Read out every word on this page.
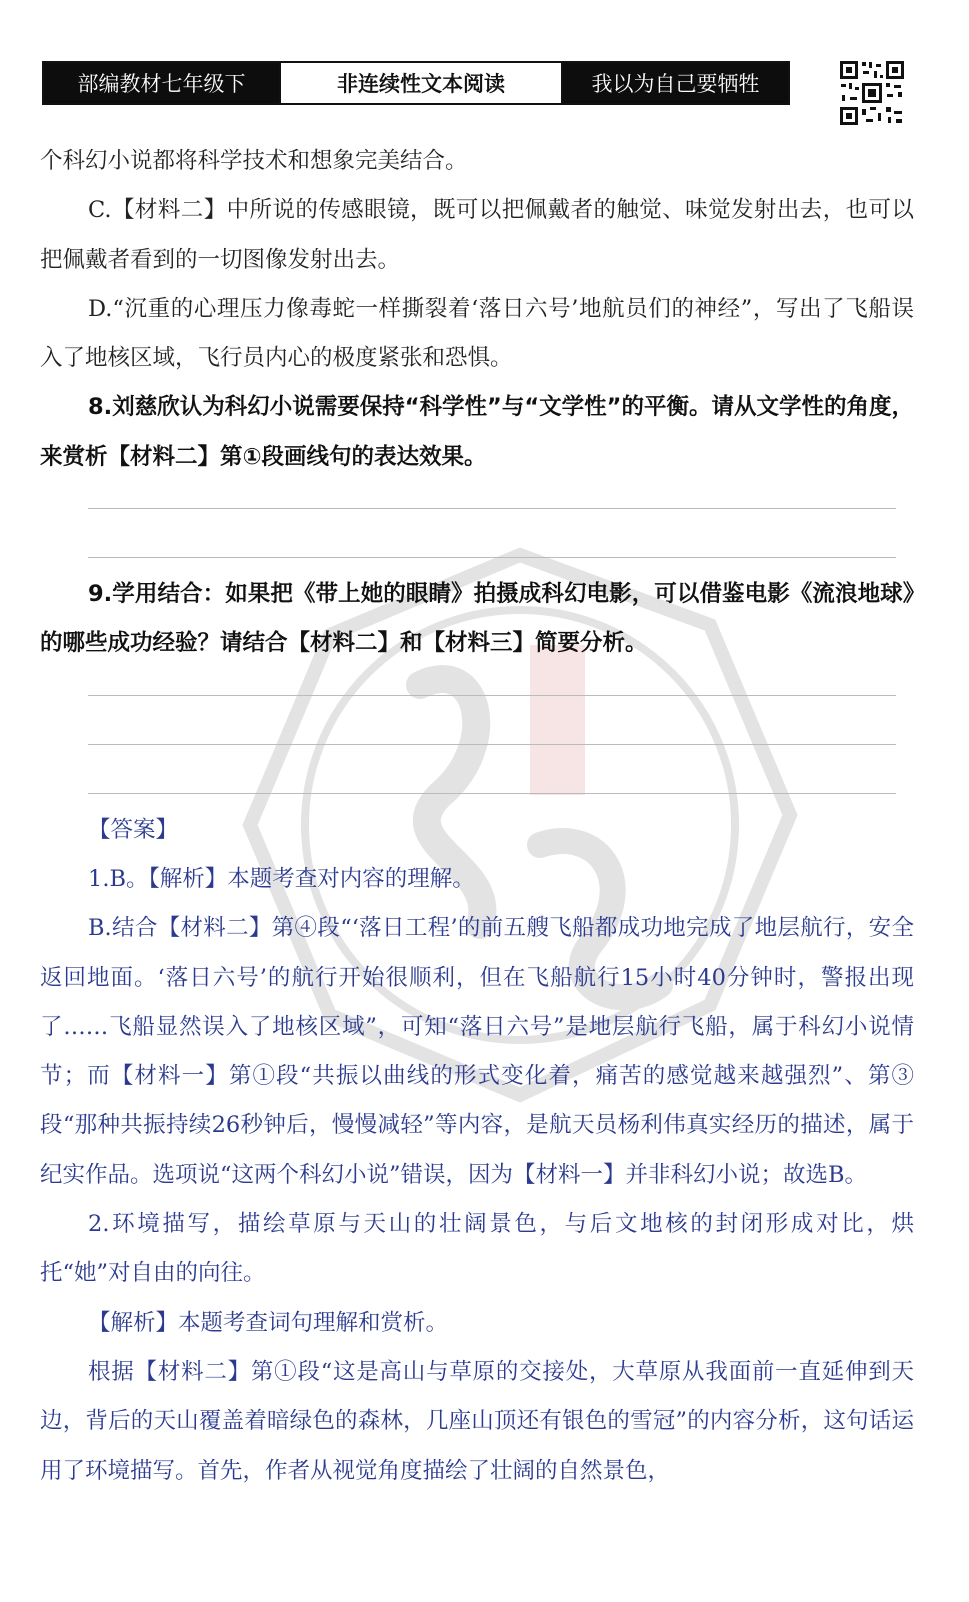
部编教材七年级下	非连续性文本阅读	我以为自己要牺牲

个科幻小说都将科学技术和想象完美结合。

C.【材料二】中所说的传感眼镜，既可以把佩戴者的触觉、味觉发射出去，也可以把佩戴者看到的一切图像发射出去。

D.“沉重的心理压力像毒蛇一样撕裂着‘落日六号’地航员们的神经”，写出了飞船误入了地核区域，飞行员内心的极度紧张和恐惧。

8.刘慈欣认为科幻小说需要保持“科学性”与“文学性”的平衡。请从文学性的角度，来赏析【材料二】第①段画线句的表达效果。

9.学用结合：如果把《带上她的眼睛》拍摄成科幻电影，可以借鉴电影《流浪地球》的哪些成功经验？请结合【材料二】和【材料三】简要分析。

【答案】

1.B。【解析】本题考查对内容的理解。

B.结合【材料二】第④段“‘落日工程’的前五艘飞船都成功地完成了地层航行，安全返回地面。‘落日六号’的航行开始很顺利，但在飞船航行15小时40分钟时，警报出现了……飞船显然误入了地核区域”，可知“落日六号”是地层航行飞船，属于科幻小说情节；而【材料一】第①段“共振以曲线的形式变化着，痛苦的感觉越来越强烈”、第③段“那种共振持续26秒钟后，慢慢减轻”等内容，是航天员杨利伟真实经历的描述，属于纪实作品。选项说“这两个科幻小说”错误，因为【材料一】并非科幻小说；故选B。

2.环境描写，描绘草原与天山的壮阔景色，与后文地核的封闭形成对比，烘托“她”对自由的向往。

【解析】本题考查词句理解和赏析。

根据【材料二】第①段“这是高山与草原的交接处，大草原从我面前一直延伸到天边，背后的天山覆盖着暗绿色的森林，几座山顶还有银色的雪冠”的内容分析，这句话运用了环境描写。首先，作者从视觉角度描绘了壮阔的自然景色，
